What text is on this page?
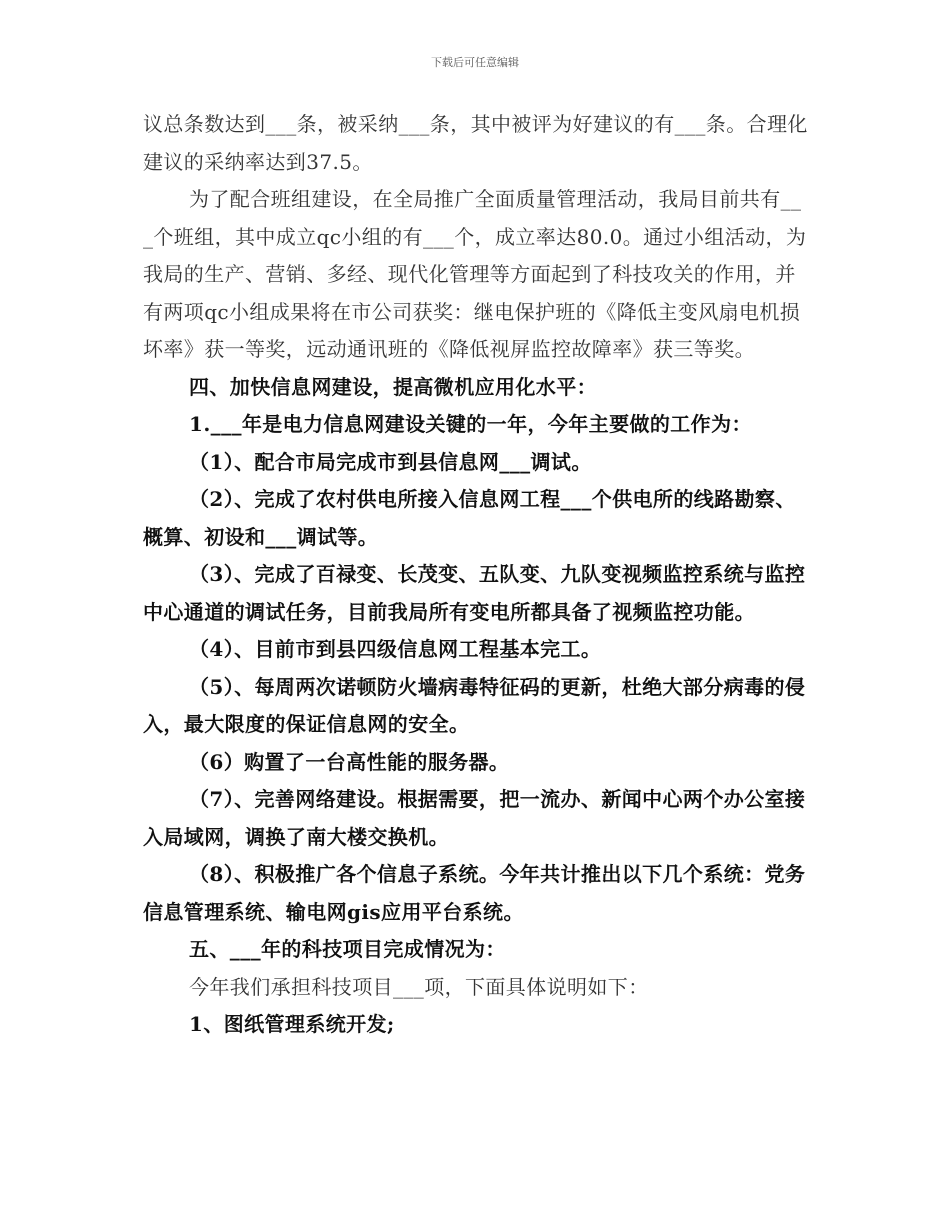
下载后可任意编辑

议总条数达到___条，被采纳___条，其中被评为好建议的有___条。合理化建议的采纳率达到37.5。

为了配合班组建设，在全局推广全面质量管理活动，我局目前共有___个班组，其中成立qc小组的有___个，成立率达80.0。通过小组活动，为我局的生产、营销、多经、现代化管理等方面起到了科技攻关的作用，并有两项qc小组成果将在市公司获奖：继电保护班的《降低主变风扇电机损坏率》获一等奖，远动通讯班的《降低视屏监控故障率》获三等奖。

四、加快信息网建设，提高微机应用化水平：

1.___年是电力信息网建设关键的一年，今年主要做的工作为：

（1）、配合市局完成市到县信息网___调试。

（2）、完成了农村供电所接入信息网工程___个供电所的线路勘察、概算、初设和___调试等。

（3）、完成了百禄变、长茂变、五队变、九队变视频监控系统与监控中心通道的调试任务，目前我局所有变电所都具备了视频监控功能。

（4）、目前市到县四级信息网工程基本完工。

（5）、每周两次诺顿防火墙病毒特征码的更新，杜绝大部分病毒的侵入，最大限度的保证信息网的安全。

（6）购置了一台高性能的服务器。

（7）、完善网络建设。根据需要，把一流办、新闻中心两个办公室接入局域网，调换了南大楼交换机。

（8）、积极推广各个信息子系统。今年共计推出以下几个系统：党务信息管理系统、输电网gis应用平台系统。

五、___年的科技项目完成情况为：

今年我们承担科技项目___项，下面具体说明如下：

1、图纸管理系统开发;
